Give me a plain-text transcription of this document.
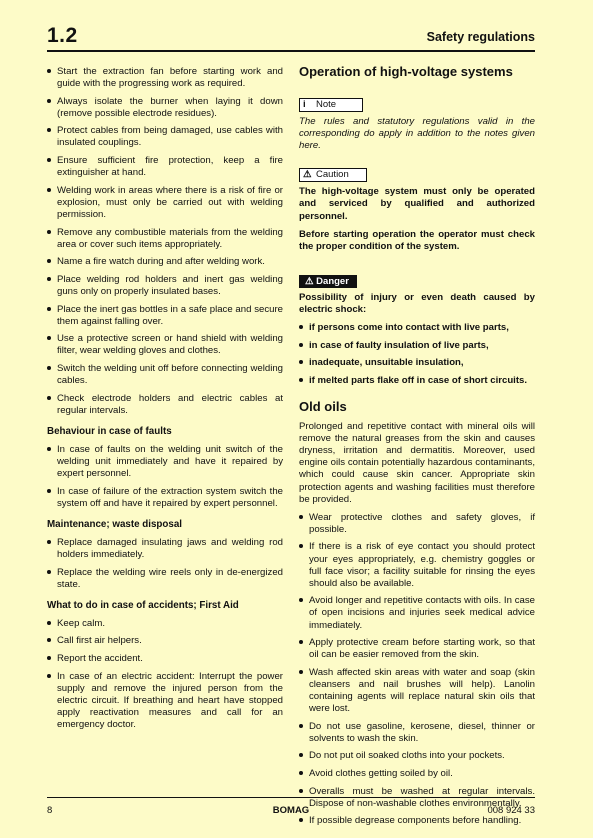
1.2	Safety regulations
Start the extraction fan before starting work and guide with the progressing work as required.
Always isolate the burner when laying it down (remove possible electrode residues).
Protect cables from being damaged, use cables with insulated couplings.
Ensure sufficient fire protection, keep a fire extinguisher at hand.
Welding work in areas where there is a risk of fire or explosion, must only be carried out with welding permission.
Remove any combustible materials from the welding area or cover such items appropriately.
Name a fire watch during and after welding work.
Place welding rod holders and inert gas welding guns only on properly insulated bases.
Place the inert gas bottles in a safe place and secure them against falling over.
Use a protective screen or hand shield with welding filter, wear welding gloves and clothes.
Switch the welding unit off before connecting welding cables.
Check electrode holders and electric cables at regular intervals.
Behaviour in case of faults
In case of faults on the welding unit switch of the welding unit immediately and have it repaired by expert personnel.
In case of failure of the extraction system switch the system off and have it repaired by expert personnel.
Maintenance; waste disposal
Replace damaged insulating jaws and welding rod holders immediately.
Replace the welding wire reels only in de-energized state.
What to do in case of accidents; First Aid
Keep calm.
Call first air helpers.
Report the accident.
In case of an electric accident: Interrupt the power supply and remove the injured person from the electric circuit. If breathing and heart have stopped apply reactivation measures and call for an emergency doctor.
Operation of high-voltage systems
i Note
The rules and statutory regulations valid in the corresponding do apply in addition to the notes given here.
⚠ Caution
The high-voltage system must only be operated and serviced by qualified and authorized personnel.
Before starting operation the operator must check the proper condition of the system.
⚠ Danger
Possibility of injury or even death caused by electric shock:
if persons come into contact with live parts,
in case of faulty insulation of live parts,
inadequate, unsuitable insulation,
if melted parts flake off in case of short circuits.
Old oils
Prolonged and repetitive contact with mineral oils will remove the natural greases from the skin and causes dryness, irritation and dermatitis. Moreover, used engine oils contain potentially hazardous contaminants, which could cause skin cancer. Appropriate skin protection agents and washing facilities must therefore be provided.
Wear protective clothes and safety gloves, if possible.
If there is a risk of eye contact you should protect your eyes appropriately, e.g. chemistry goggles or full face visor; a facility suitable for rinsing the eyes should also be available.
Avoid longer and repetitive contacts with oils. In case of open incisions and injuries seek medical advice immediately.
Apply protective cream before starting work, so that oil can be easier removed from the skin.
Wash affected skin areas with water and soap (skin cleansers and nail brushes will help). Lanolin containing agents will replace natural skin oils that were lost.
Do not use gasoline, kerosene, diesel, thinner or solvents to wash the skin.
Do not put oil soaked cloths into your pockets.
Avoid clothes getting soiled by oil.
Overalls must be washed at regular intervals. Dispose of non-washable clothes environmentally.
If possible degrease components before handling.
8	BOMAG	008 924 33
